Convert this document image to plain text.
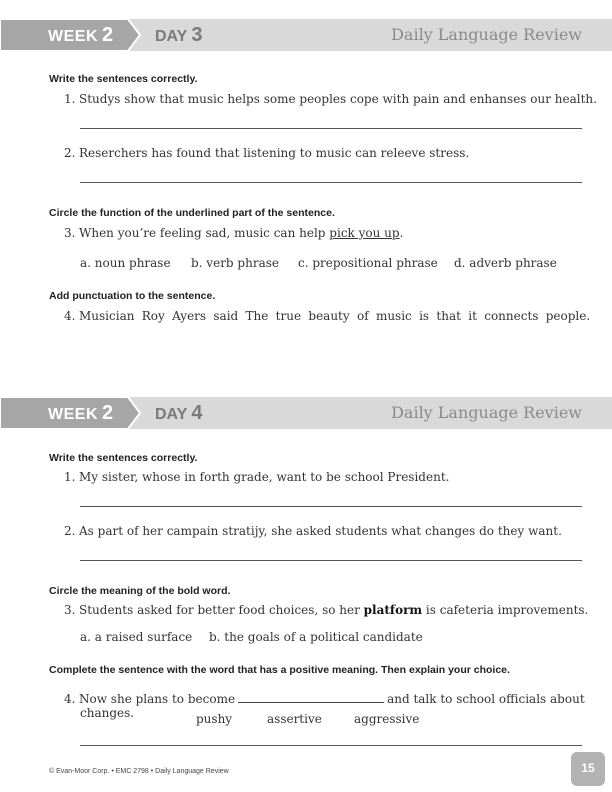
WEEK 2	DAY 3	Daily Language Review
Write the sentences correctly.
1. Studys show that music helps some peoples cope with pain and enhanses our health.
2. Reserchers has found that listening to music can releeve stress.
Circle the function of the underlined part of the sentence.
3. When you’re feeling sad, music can help pick you up.
a. noun phrase b. verb phrase c. prepositional phrase d. adverb phrase
Add punctuation to the sentence.
4. Musician Roy Ayers said The true beauty of music is that it connects people.
WEEK 2	DAY 4	Daily Language Review
Write the sentences correctly.
1. My sister, whose in forth grade, want to be school President.
2. As part of her campain stratijy, she asked students what changes do they want.
Circle the meaning of the bold word.
3. Students asked for better food choices, so her platform is cafeteria improvements.
a. a raised surface b. the goals of a political candidate
Complete the sentence with the word that has a positive meaning. Then explain your choice.
4. Now she plans to become	and talk to school officials about
changes.	pushy	assertive	aggressive
© Evan-Moor Corp. • EMC 2798 • Daily Language Review	15
